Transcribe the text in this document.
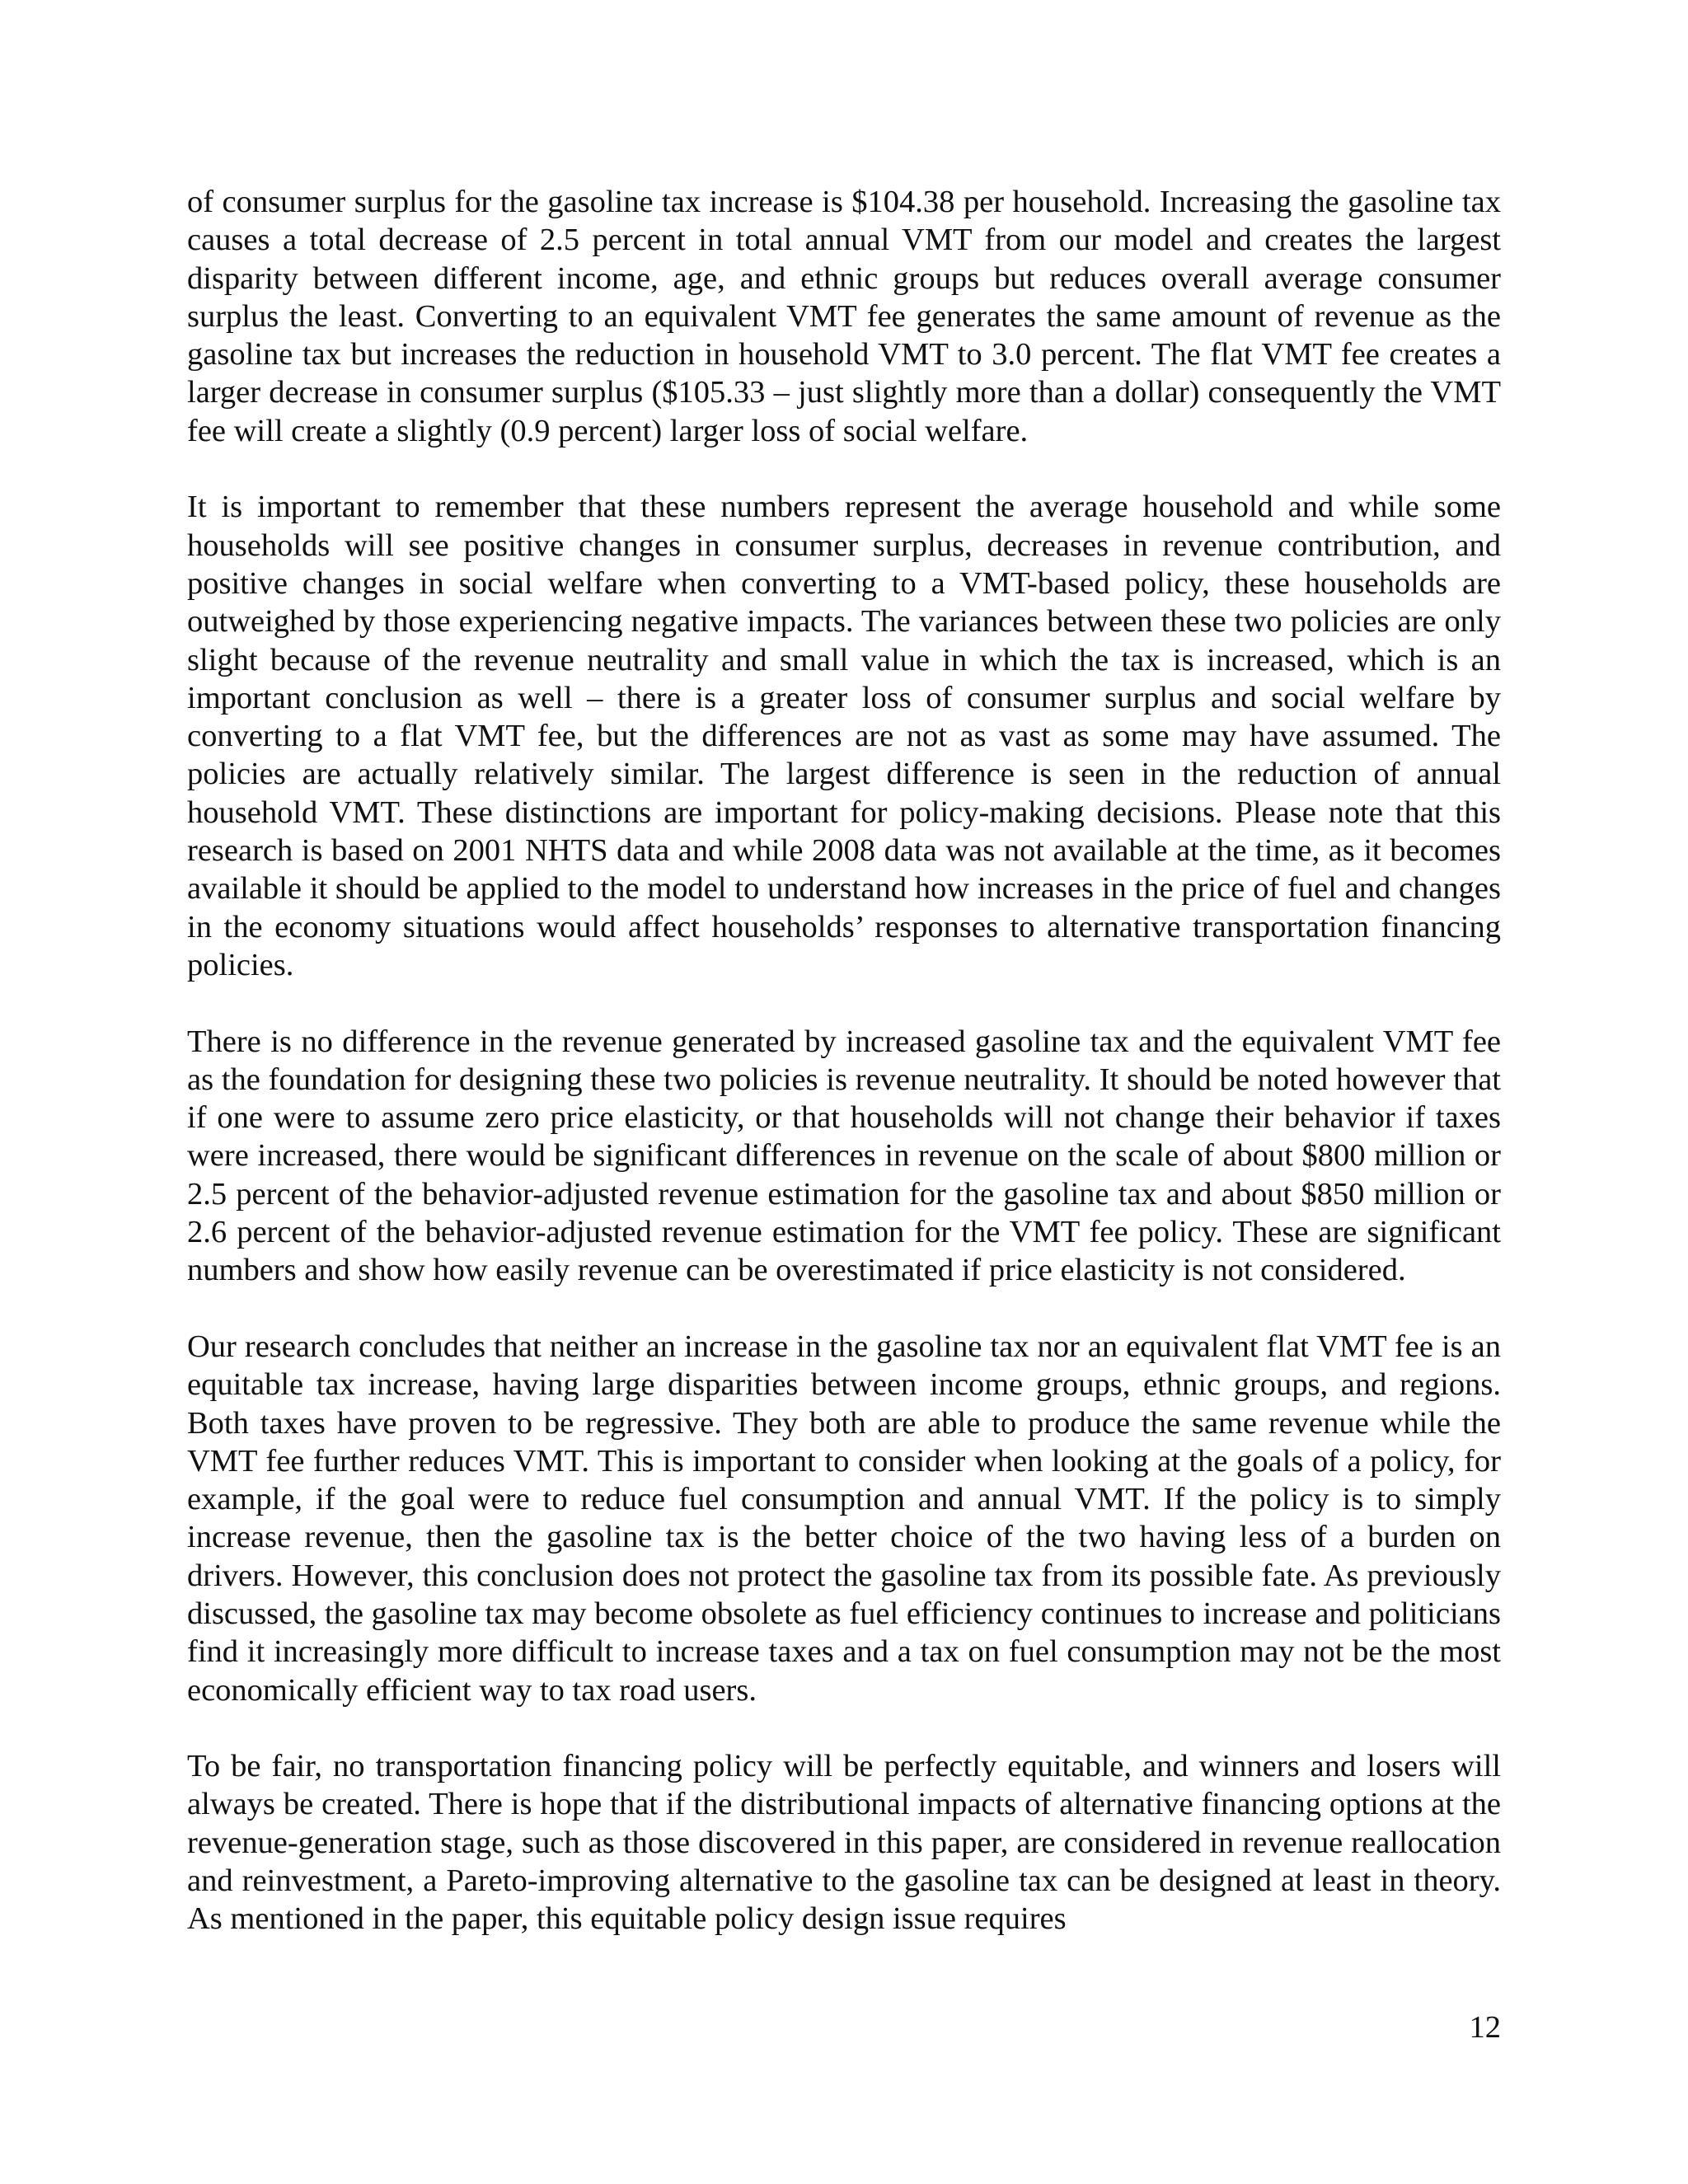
of consumer surplus for the gasoline tax increase is $104.38 per household. Increasing the gasoline tax causes a total decrease of 2.5 percent in total annual VMT from our model and creates the largest disparity between different income, age, and ethnic groups but reduces overall average consumer surplus the least. Converting to an equivalent VMT fee generates the same amount of revenue as the gasoline tax but increases the reduction in household VMT to 3.0 percent. The flat VMT fee creates a larger decrease in consumer surplus ($105.33 – just slightly more than a dollar) consequently the VMT fee will create a slightly (0.9 percent) larger loss of social welfare.

It is important to remember that these numbers represent the average household and while some households will see positive changes in consumer surplus, decreases in revenue contribution, and positive changes in social welfare when converting to a VMT-based policy, these households are outweighed by those experiencing negative impacts. The variances between these two policies are only slight because of the revenue neutrality and small value in which the tax is increased, which is an important conclusion as well – there is a greater loss of consumer surplus and social welfare by converting to a flat VMT fee, but the differences are not as vast as some may have assumed. The policies are actually relatively similar. The largest difference is seen in the reduction of annual household VMT. These distinctions are important for policy-making decisions. Please note that this research is based on 2001 NHTS data and while 2008 data was not available at the time, as it becomes available it should be applied to the model to understand how increases in the price of fuel and changes in the economy situations would affect households’ responses to alternative transportation financing policies.

There is no difference in the revenue generated by increased gasoline tax and the equivalent VMT fee as the foundation for designing these two policies is revenue neutrality. It should be noted however that if one were to assume zero price elasticity, or that households will not change their behavior if taxes were increased, there would be significant differences in revenue on the scale of about $800 million or 2.5 percent of the behavior-adjusted revenue estimation for the gasoline tax and about $850 million or 2.6 percent of the behavior-adjusted revenue estimation for the VMT fee policy. These are significant numbers and show how easily revenue can be overestimated if price elasticity is not considered.

Our research concludes that neither an increase in the gasoline tax nor an equivalent flat VMT fee is an equitable tax increase, having large disparities between income groups, ethnic groups, and regions. Both taxes have proven to be regressive. They both are able to produce the same revenue while the VMT fee further reduces VMT. This is important to consider when looking at the goals of a policy, for example, if the goal were to reduce fuel consumption and annual VMT. If the policy is to simply increase revenue, then the gasoline tax is the better choice of the two having less of a burden on drivers. However, this conclusion does not protect the gasoline tax from its possible fate. As previously discussed, the gasoline tax may become obsolete as fuel efficiency continues to increase and politicians find it increasingly more difficult to increase taxes and a tax on fuel consumption may not be the most economically efficient way to tax road users.

To be fair, no transportation financing policy will be perfectly equitable, and winners and losers will always be created. There is hope that if the distributional impacts of alternative financing options at the revenue-generation stage, such as those discovered in this paper, are considered in revenue reallocation and reinvestment, a Pareto-improving alternative to the gasoline tax can be designed at least in theory. As mentioned in the paper, this equitable policy design issue requires

12
